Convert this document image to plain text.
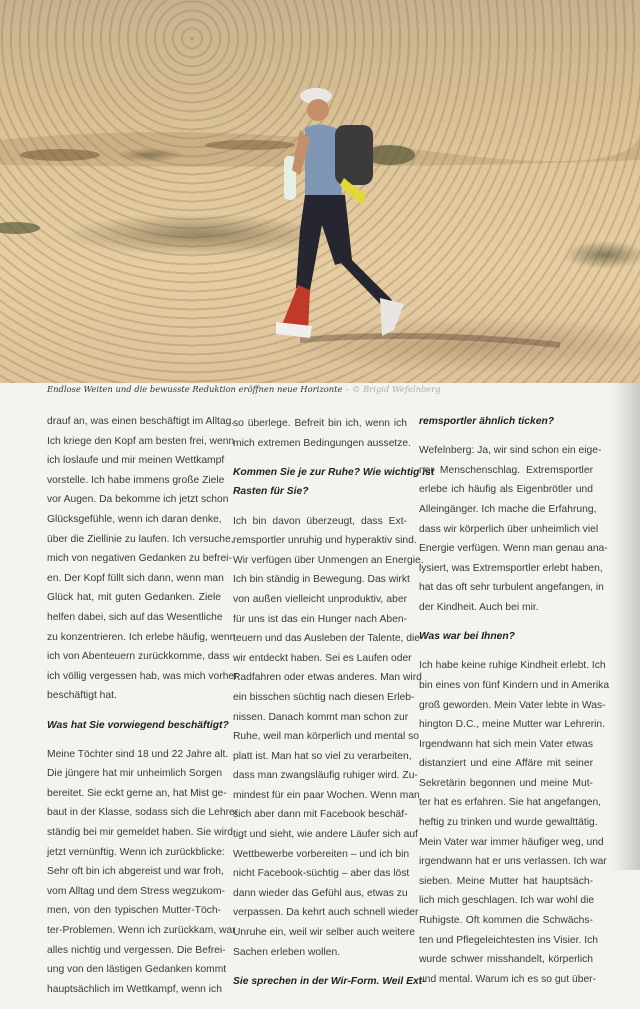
Endlose Weiten und die bewusste Reduktion eröffnen neue Horizonte – © Brigid Wefelnberg
drauf an, was einen beschäftigt im Alltag.
Ich kriege den Kopf am besten frei, wenn
ich loslaufe und mir meinen Wettkampf
vorstelle. Ich habe immens große Ziele
vor Augen. Da bekomme ich jetzt schon
Glücksgefühle, wenn ich daran denke,
über die Ziellinie zu laufen. Ich versuche,
mich von negativen Gedanken zu befrei-
en. Der Kopf füllt sich dann, wenn man
Glück hat, mit guten Gedanken. Ziele
helfen dabei, sich auf das Wesentliche
zu konzentrieren. Ich erlebe häufig, wenn
ich von Abenteuern zurückkomme, dass
ich völlig vergessen hab, was mich vorher
beschäftigt hat.
Was hat Sie vorwiegend beschäftigt?
Meine Töchter sind 18 und 22 Jahre alt.
Die jüngere hat mir unheimlich Sorgen
bereitet. Sie eckt gerne an, hat Mist ge-
baut in der Klasse, sodass sich die Lehrer
ständig bei mir gemeldet haben. Sie wird
jetzt vernünftig. Wenn ich zurückblicke:
Sehr oft bin ich abgereist und war froh,
vom Alltag und dem Stress wegzukom-
men, von den typischen Mutter-Töch-
ter-Problemen. Wenn ich zurückkam, war
alles nichtig und vergessen. Die Befrei-
ung von den lästigen Gedanken kommt
hauptsächlich im Wettkampf, wenn ich
so überlege. Befreit bin ich, wenn ich
mich extremen Bedingungen aussetze.
Kommen Sie je zur Ruhe? Wie wichtig ist
Rasten für Sie?
Ich bin davon überzeugt, dass Ext-
remsportler unruhig und hyperaktiv sind.
Wir verfügen über Unmengen an Energie.
Ich bin ständig in Bewegung. Das wirkt
von außen vielleicht unproduktiv, aber
für uns ist das ein Hunger nach Aben-
teuern und das Ausleben der Talente, die
wir entdeckt haben. Sei es Laufen oder
Radfahren oder etwas anderes. Man wird
ein bisschen süchtig nach diesen Erleb-
nissen. Danach kommt man schon zur
Ruhe, weil man körperlich und mental so
platt ist. Man hat so viel zu verarbeiten,
dass man zwangsläufig ruhiger wird. Zu-
mindest für ein paar Wochen. Wenn man
sich aber dann mit Facebook beschäf-
tigt und sieht, wie andere Läufer sich auf
Wettbewerbe vorbereiten – und ich bin
nicht Facebook-süchtig – aber das löst
dann wieder das Gefühl aus, etwas zu
verpassen. Da kehrt auch schnell wieder
Unruhe ein, weil wir selber auch weitere
Sachen erleben wollen.
Sie sprechen in der Wir-Form. Weil Ext-
remsportler ähnlich ticken?
Wefelnberg: Ja, wir sind schon ein eige-
ner Menschenschlag. Extremsportler
erlebe ich häufig als Eigenbrötler und
Alleingänger. Ich mache die Erfahrung,
dass wir körperlich über unheimlich viel
Energie verfügen. Wenn man genau ana-
lysiert, was Extremsportler erlebt haben,
hat das oft sehr turbulent angefangen, in
der Kindheit. Auch bei mir.
Was war bei Ihnen?
Ich habe keine ruhige Kindheit erlebt. Ich
bin eines von fünf Kindern und in Amerika
groß geworden. Mein Vater lebte in Was-
hington D.C., meine Mutter war Lehrerin.
Irgendwann hat sich mein Vater etwas
distanziert und eine Affäre mit seiner
Sekretärin begonnen und meine Mut-
ter hat es erfahren. Sie hat angefangen,
heftig zu trinken und wurde gewalttätig.
Mein Vater war immer häufiger weg, und
irgendwann hat er uns verlassen. Ich war
sieben. Meine Mutter hat hauptsäch-
lich mich geschlagen. Ich war wohl die
Ruhigste. Oft kommen die Schwächs-
ten und Pflegeleichtesten ins Visier. Ich
wurde schwer misshandelt, körperlich
und mental. Warum ich es so gut über-
